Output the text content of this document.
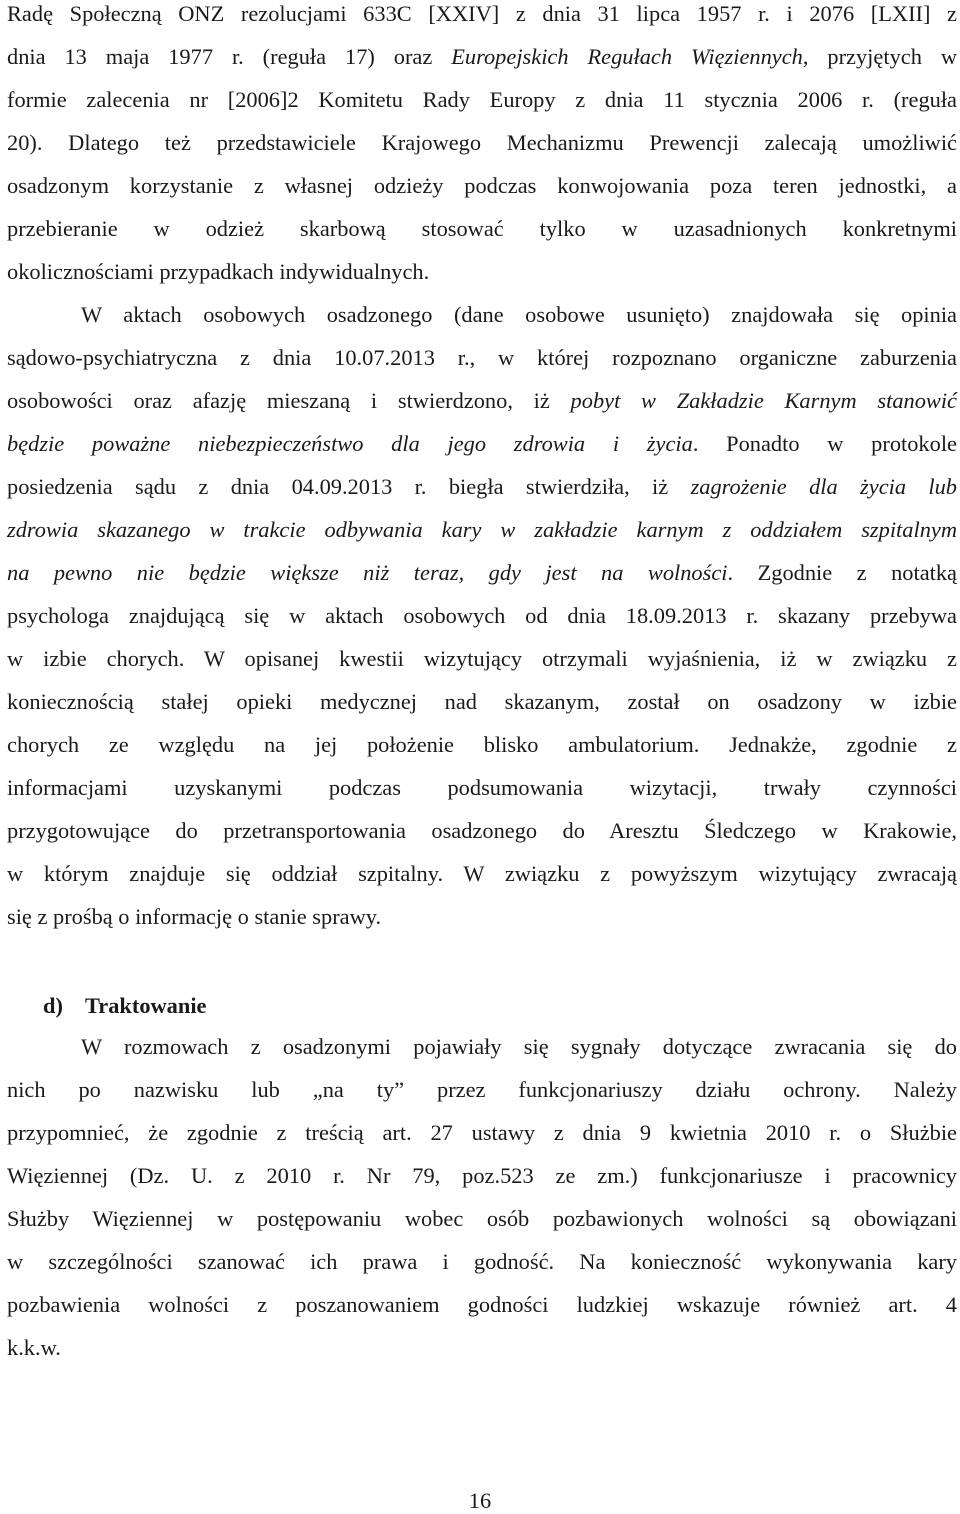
Radę Społeczną ONZ rezolucjami 633C [XXIV] z dnia 31 lipca 1957 r. i 2076 [LXII] z
dnia 13 maja 1977 r. (reguła 17) oraz Europejskich Regułach Więziennych, przyjętych w
formie zalecenia nr [2006]2 Komitetu Rady Europy z dnia 11 stycznia 2006 r. (reguła
20). Dlatego też przedstawiciele Krajowego Mechanizmu Prewencji zalecają umożliwić
osadzonym korzystanie z własnej odzieży podczas konwojowania poza teren jednostki, a
przebieranie w odzież skarbową stosować tylko w uzasadnionych konkretnymi
okolicznościami przypadkach indywidualnych.
W aktach osobowych osadzonego (dane osobowe usunięto) znajdowała się opinia
sądowo-psychiatryczna z dnia 10.07.2013 r., w której rozpoznano organiczne zaburzenia
osobowości oraz afazję mieszaną i stwierdzono, iż pobyt w Zakładzie Karnym stanowić
będzie poważne niebezpieczeństwo dla jego zdrowia i życia. Ponadto w protokole
posiedzenia sądu z dnia 04.09.2013 r. biegła stwierdziła, iż zagrożenie dla życia lub
zdrowia skazanego w trakcie odbywania kary w zakładzie karnym z oddziałem szpitalnym
na pewno nie będzie większe niż teraz, gdy jest na wolności. Zgodnie z notatką
psychologa znajdującą się w aktach osobowych od dnia 18.09.2013 r. skazany przebywa
w izbie chorych. W opisanej kwestii wizytujący otrzymali wyjaśnienia, iż w związku z
koniecznością stałej opieki medycznej nad skazanym, został on osadzony w izbie
chorych ze względu na jej położenie blisko ambulatorium. Jednakże, zgodnie z
informacjami uzyskanymi podczas podsumowania wizytacji, trwały czynności
przygotowujące do przetransportowania osadzonego do Aresztu Śledczego w Krakowie,
w którym znajduje się oddział szpitalny. W związku z powyższym wizytujący zwracają
się z prośbą o informację o stanie sprawy.
d) Traktowanie
W rozmowach z osadzonymi pojawiały się sygnały dotyczące zwracania się do
nich po nazwisku lub „na ty” przez funkcjonariuszy działu ochrony. Należy
przypomnieć, że zgodnie z treścią art. 27 ustawy z dnia 9 kwietnia 2010 r. o Służbie
Więziennej (Dz. U. z 2010 r. Nr 79, poz.523 ze zm.) funkcjonariusze i pracownicy
Służby Więziennej w postępowaniu wobec osób pozbawionych wolności są obowiązani
w szczególności szanować ich prawa i godność. Na konieczność wykonywania kary
pozbawienia wolności z poszanowaniem godności ludzkiej wskazuje również art. 4
k.k.w.
16
